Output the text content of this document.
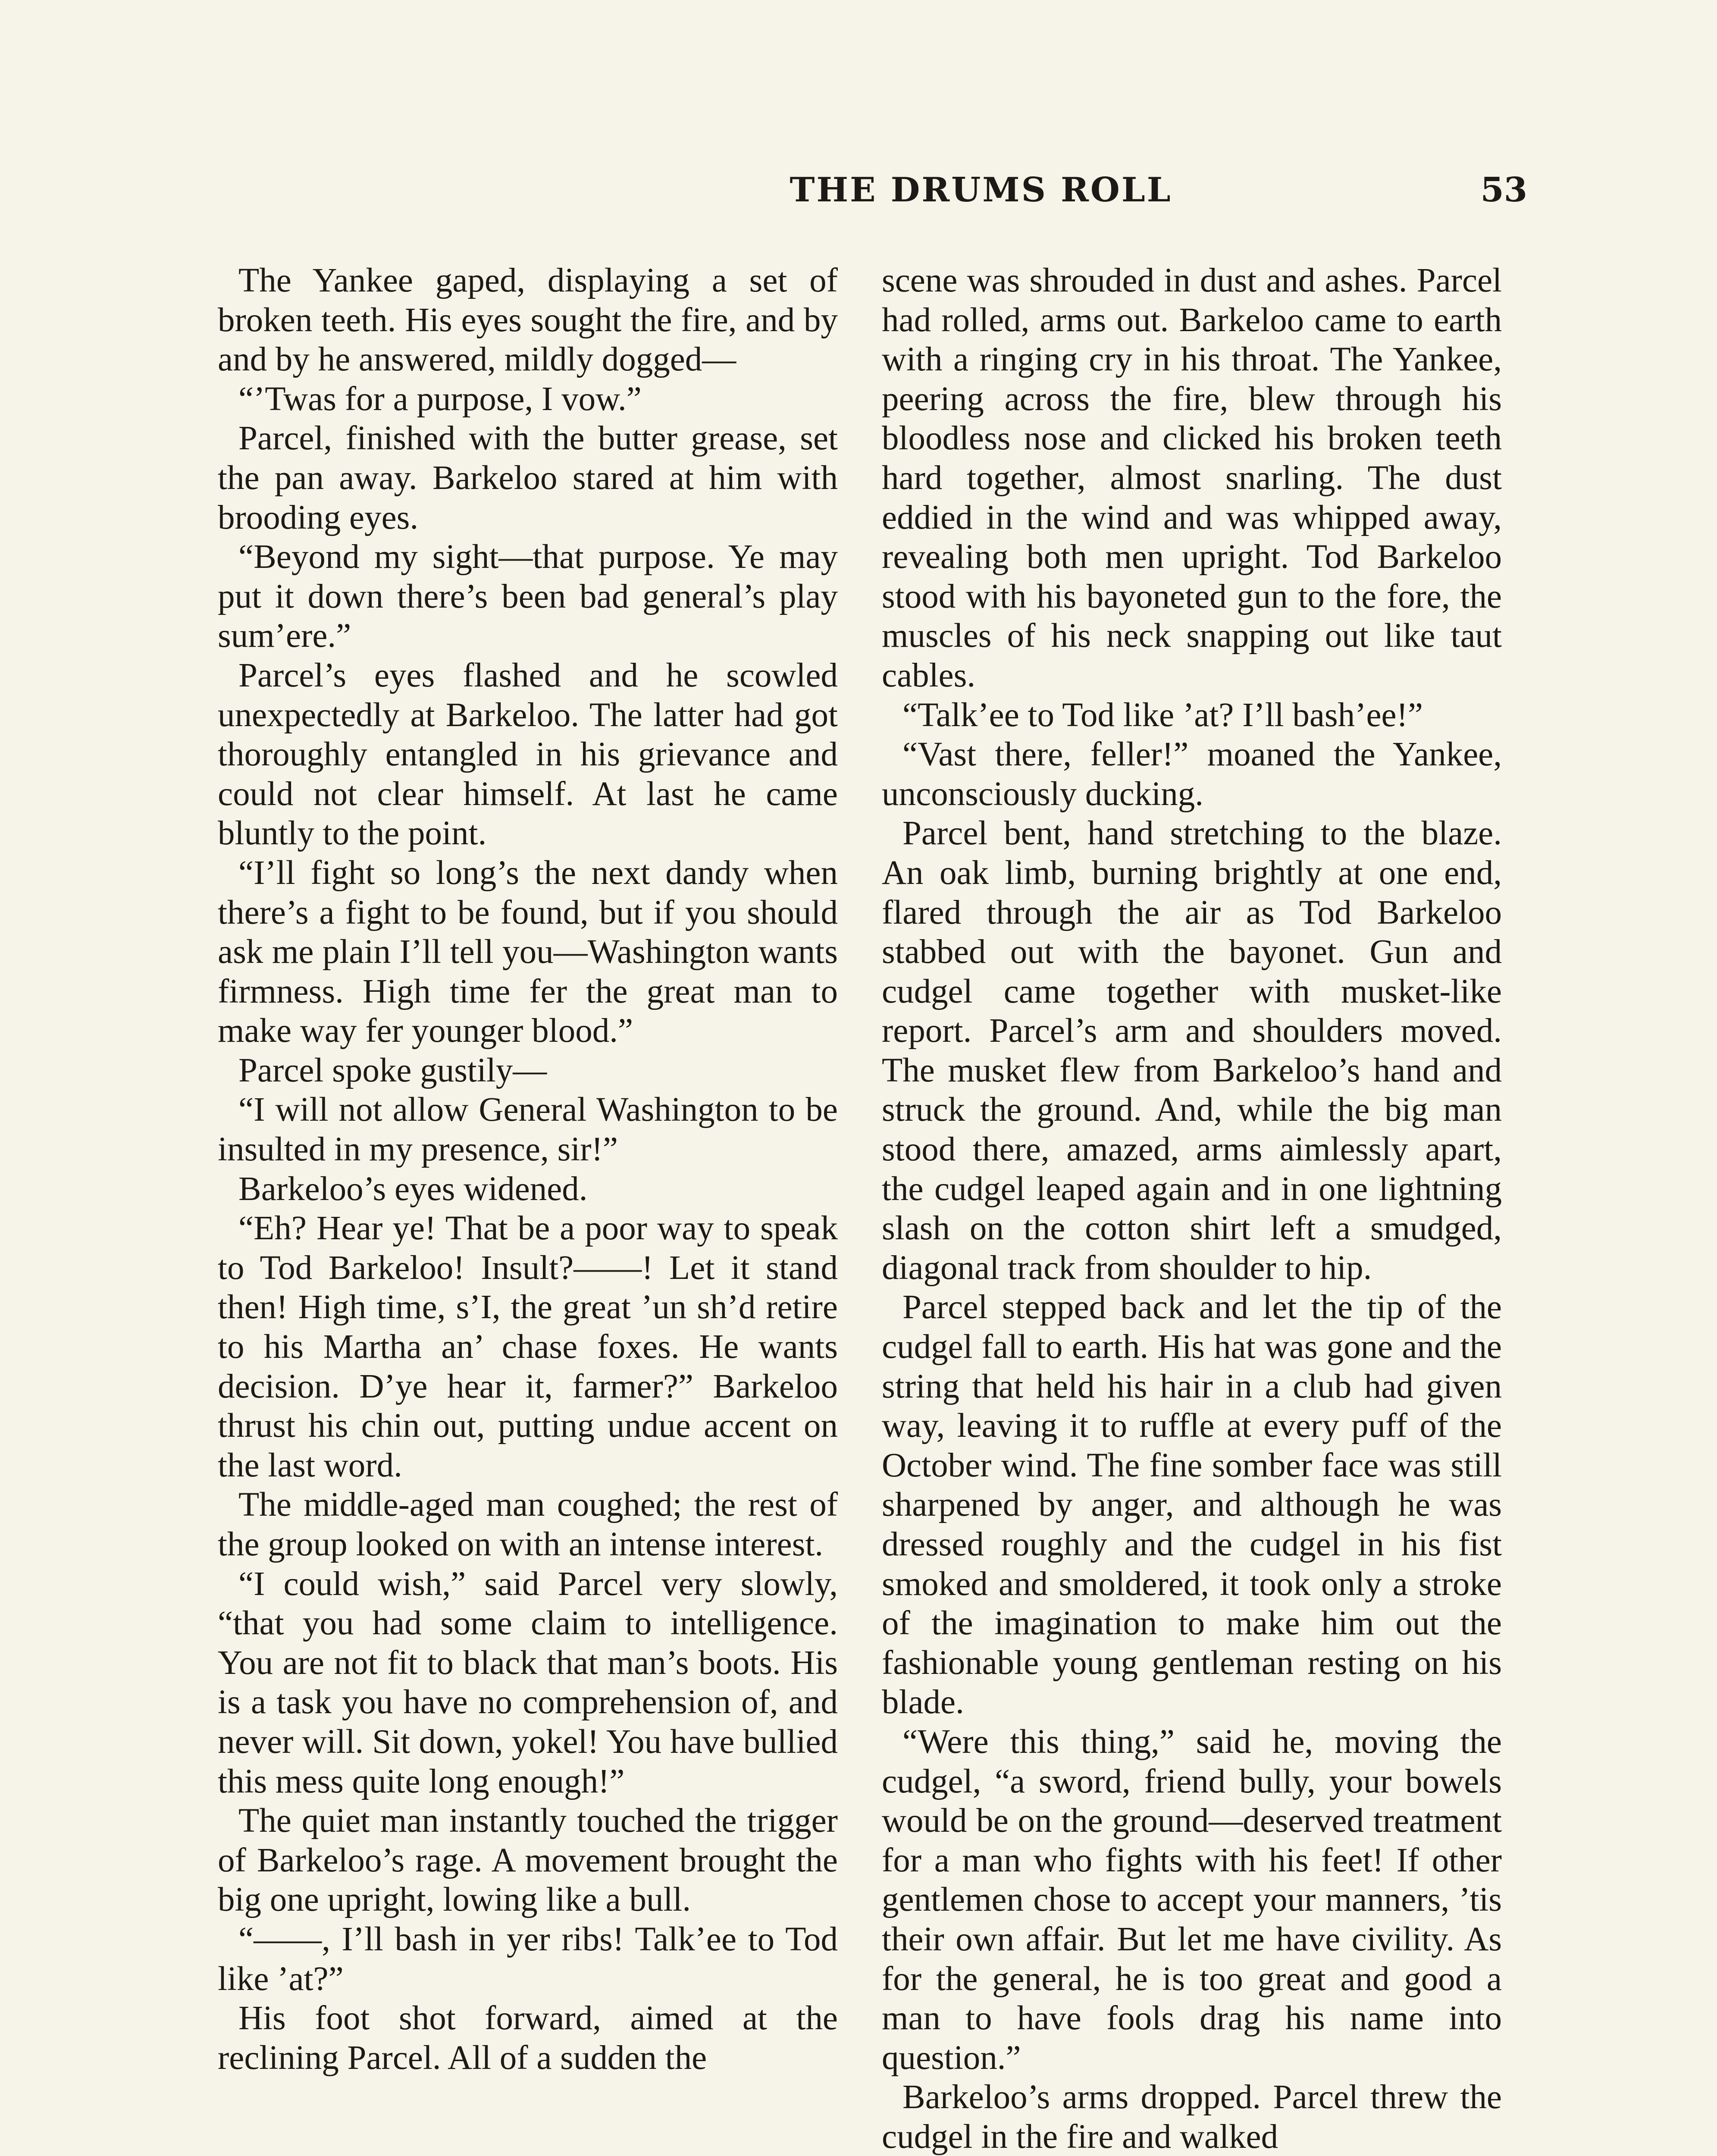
THE DRUMS ROLL	53

The Yankee gaped, displaying a set of broken teeth. His eyes sought the fire, and by and by he answered, mildly dogged—

“’Twas for a purpose, I vow.”

Parcel, finished with the butter grease, set the pan away. Barkeloo stared at him with brooding eyes.

“Beyond my sight—that purpose. Ye may put it down there’s been bad general’s play sum’ere.”

Parcel’s eyes flashed and he scowled unexpectedly at Barkeloo. The latter had got thoroughly entangled in his grievance and could not clear himself. At last he came bluntly to the point.

“I’ll fight so long’s the next dandy when there’s a fight to be found, but if you should ask me plain I’ll tell you—Washington wants firmness. High time fer the great man to make way fer younger blood.”

Parcel spoke gustily—

“I will not allow General Washington to be insulted in my presence, sir!”

Barkeloo’s eyes widened.

“Eh? Hear ye! That be a poor way to speak to Tod Barkeloo! Insult?——! Let it stand then! High time, s’I, the great ’un sh’d retire to his Martha an’ chase foxes. He wants decision. D’ye hear it, farmer?” Barkeloo thrust his chin out, putting undue accent on the last word.

The middle-aged man coughed; the rest of the group looked on with an intense interest.

“I could wish,” said Parcel very slowly, “that you had some claim to intelligence. You are not fit to black that man’s boots. His is a task you have no comprehension of, and never will. Sit down, yokel! You have bullied this mess quite long enough!”

The quiet man instantly touched the trigger of Barkeloo’s rage. A movement brought the big one upright, lowing like a bull.

“——, I’ll bash in yer ribs! Talk’ee to Tod like ’at?”

His foot shot forward, aimed at the reclining Parcel. All of a sudden the

scene was shrouded in dust and ashes. Parcel had rolled, arms out. Barkeloo came to earth with a ringing cry in his throat. The Yankee, peering across the fire, blew through his bloodless nose and clicked his broken teeth hard together, almost snarling. The dust eddied in the wind and was whipped away, revealing both men upright. Tod Barkeloo stood with his bayoneted gun to the fore, the muscles of his neck snapping out like taut cables.

“Talk’ee to Tod like ’at? I’ll bash’ee!”

“Vast there, feller!” moaned the Yankee, unconsciously ducking.

Parcel bent, hand stretching to the blaze. An oak limb, burning brightly at one end, flared through the air as Tod Barkeloo stabbed out with the bayonet. Gun and cudgel came together with musket-like report. Parcel’s arm and shoulders moved. The musket flew from Barkeloo’s hand and struck the ground. And, while the big man stood there, amazed, arms aimlessly apart, the cudgel leaped again and in one lightning slash on the cotton shirt left a smudged, diagonal track from shoulder to hip.

Parcel stepped back and let the tip of the cudgel fall to earth. His hat was gone and the string that held his hair in a club had given way, leaving it to ruffle at every puff of the October wind. The fine somber face was still sharpened by anger, and although he was dressed roughly and the cudgel in his fist smoked and smoldered, it took only a stroke of the imagination to make him out the fashionable young gentleman resting on his blade.

“Were this thing,” said he, moving the cudgel, “a sword, friend bully, your bowels would be on the ground—deserved treatment for a man who fights with his feet! If other gentlemen chose to accept your manners, ’tis their own affair. But let me have civility. As for the general, he is too great and good a man to have fools drag his name into question.”

Barkeloo’s arms dropped. Parcel threw the cudgel in the fire and walked
